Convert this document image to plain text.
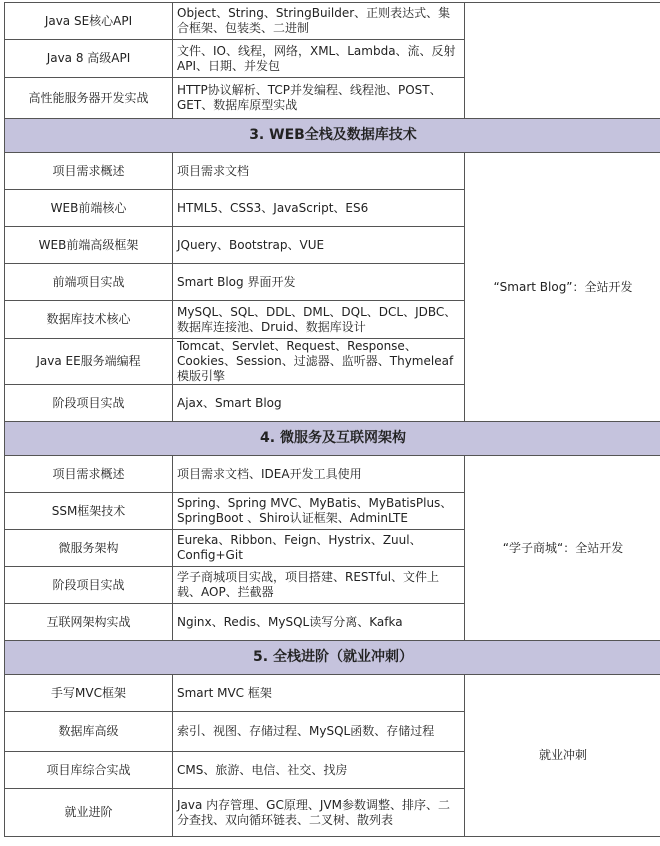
Java SE核心API	Object、String、StringBuilder、正则表达式、集合框架、包装类、二进制	
Java 8 高级API	文件、IO、线程，网络，XML、Lambda、流、反射API、日期、并发包	
高性能服务器开发实战	HTTP协议解析、TCP并发编程、线程池、POST、GET、数据库原型实战	
3. WEB全栈及数据库技术		
项目需求概述	项目需求文档	“Smart Blog”：全站开发
WEB前端核心	HTML5、CSS3、JavaScript、ES6	
WEB前端高级框架	JQuery、Bootstrap、VUE	
前端项目实战	Smart Blog 界面开发	
数据库技术核心	MySQL、SQL、DDL、DML、DQL、DCL、JDBC、数据库连接池、Druid、数据库设计	
Java EE服务端编程	Tomcat、Servlet、Request、Response、Cookies、Session、过滤器、监听器、Thymeleaf 模版引擎	
阶段项目实战	Ajax、Smart Blog	
4. 微服务及互联网架构		
项目需求概述	项目需求文档、IDEA开发工具使用	“学子商城“：全站开发
SSM框架技术	Spring、Spring MVC、MyBatis、MyBatisPlus、SpringBoot 、Shiro认证框架、AdminLTE	
微服务架构	Eureka、Ribbon、Feign、Hystrix、Zuul、Config+Git	
阶段项目实战	学子商城项目实战，项目搭建、RESTful、文件上载、AOP、拦截器	
互联网架构实战	Nginx、Redis、MySQL读写分离、Kafka	
5. 全栈进阶（就业冲刺）		
手写MVC框架	Smart MVC 框架	就业冲刺
数据库高级	索引、视图、存储过程、MySQL函数、存储过程	
项目库综合实战	CMS、旅游、电信、社交、找房	
就业进阶	Java 内存管理、GC原理、JVM参数调整、排序、二分查找、双向循环链表、二叉树、散列表	
